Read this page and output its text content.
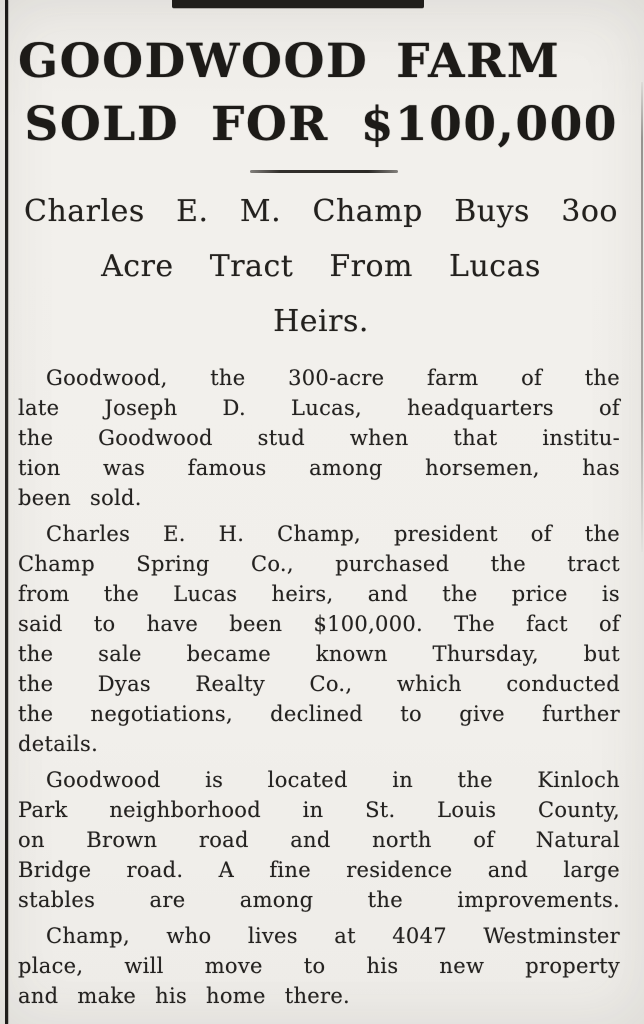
GOODWOOD FARM
SOLD FOR $100,000
Charles E. M. Champ Buys 3oo
Acre Tract From Lucas
Heirs.

Goodwood, the 300-acre farm of the
late Joseph D. Lucas, headquarters of
the Goodwood stud when that institu-
tion was famous among horsemen, has
been sold.

Charles E. H. Champ, president of the
Champ Spring Co., purchased the tract
from the Lucas heirs, and the price is
said to have been $100,000. The fact of
the sale became known Thursday, but
the Dyas Realty Co., which conducted
the negotiations, declined to give further
details.

Goodwood is located in the Kinloch
Park neighborhood in St. Louis County,
on Brown road and north of Natural
Bridge road. A fine residence and large
stables are among the improvements.

Champ, who lives at 4047 Westminster
place, will move to his new property
and make his home there.
